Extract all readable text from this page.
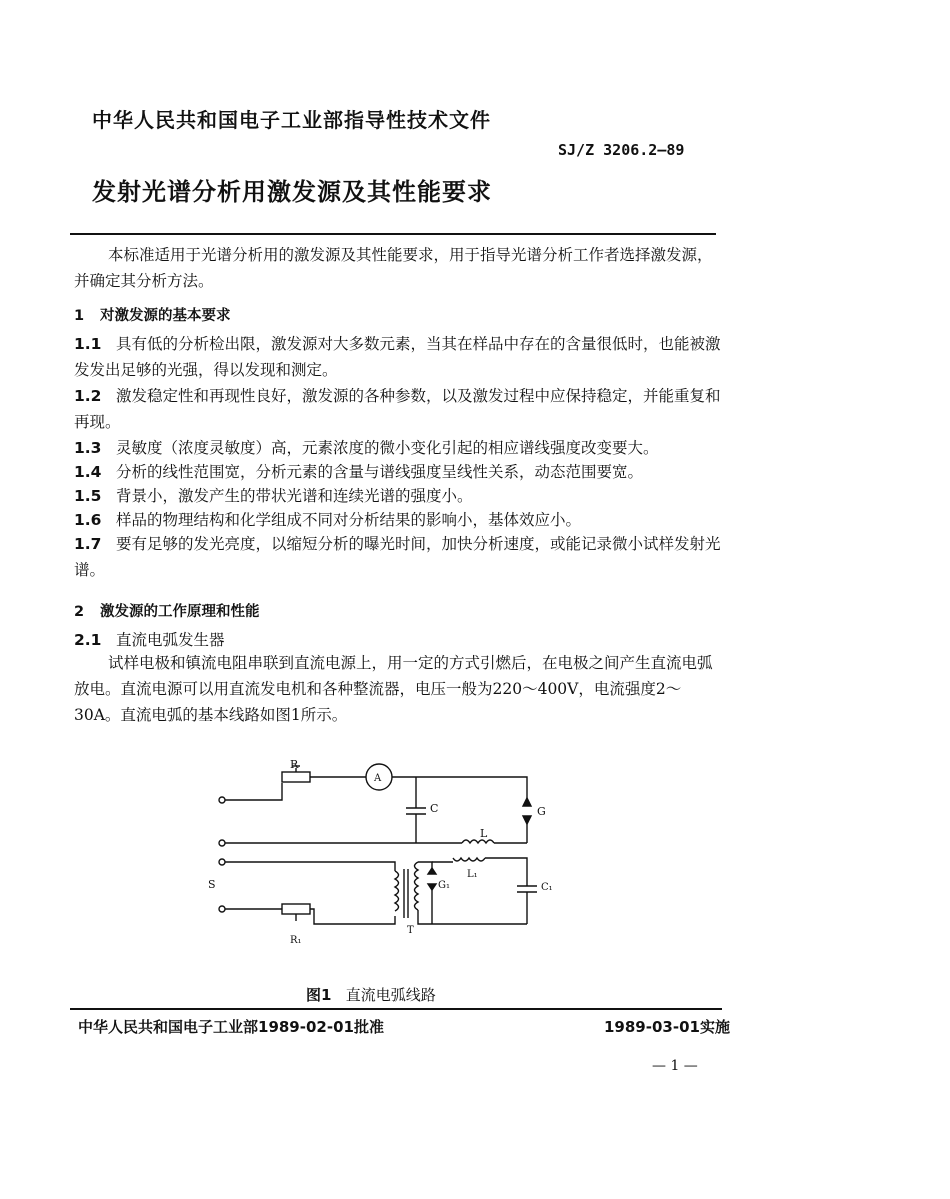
中华人民共和国电子工业部指导性技术文件
SJ/Z 3206.2—89
发射光谱分析用激发源及其性能要求
本标准适用于光谱分析用的激发源及其性能要求，用于指导光谱分析工作者选择激发源，并确定其分析方法。
1 对激发源的基本要求
1.1 具有低的分析检出限，激发源对大多数元素，当其在样品中存在的含量很低时，也能被激发发出足够的光强，得以发现和测定。
1.2 激发稳定性和再现性良好，激发源的各种参数，以及激发过程中应保持稳定，并能重复和再现。
1.3 灵敏度（浓度灵敏度）高，元素浓度的微小变化引起的相应谱线强度改变要大。
1.4 分析的线性范围宽，分析元素的含量与谱线强度呈线性关系，动态范围要宽。
1.5 背景小，激发产生的带状光谱和连续光谱的强度小。
1.6 样品的物理结构和化学组成不同对分析结果的影响小，基体效应小。
1.7 要有足够的发光亮度，以缩短分析的曝光时间，加快分析速度，或能记录微小试样发射光谱。
2 激发源的工作原理和性能
2.1 直流电弧发生器
试样电极和镇流电阻串联到直流电源上，用一定的方式引燃后，在电极之间产生直流电弧放电。直流电源可以用直流发电机和各种整流器，电压一般为220～400V，电流强度2～30A。直流电弧的基本线路如图1所示。
R
A
C	G
L
L₁
S	G₁	C₁
T
R₁
图1 直流电弧线路
中华人民共和国电子工业部1989-02-01批准	1989-03-01实施
— 1 —
